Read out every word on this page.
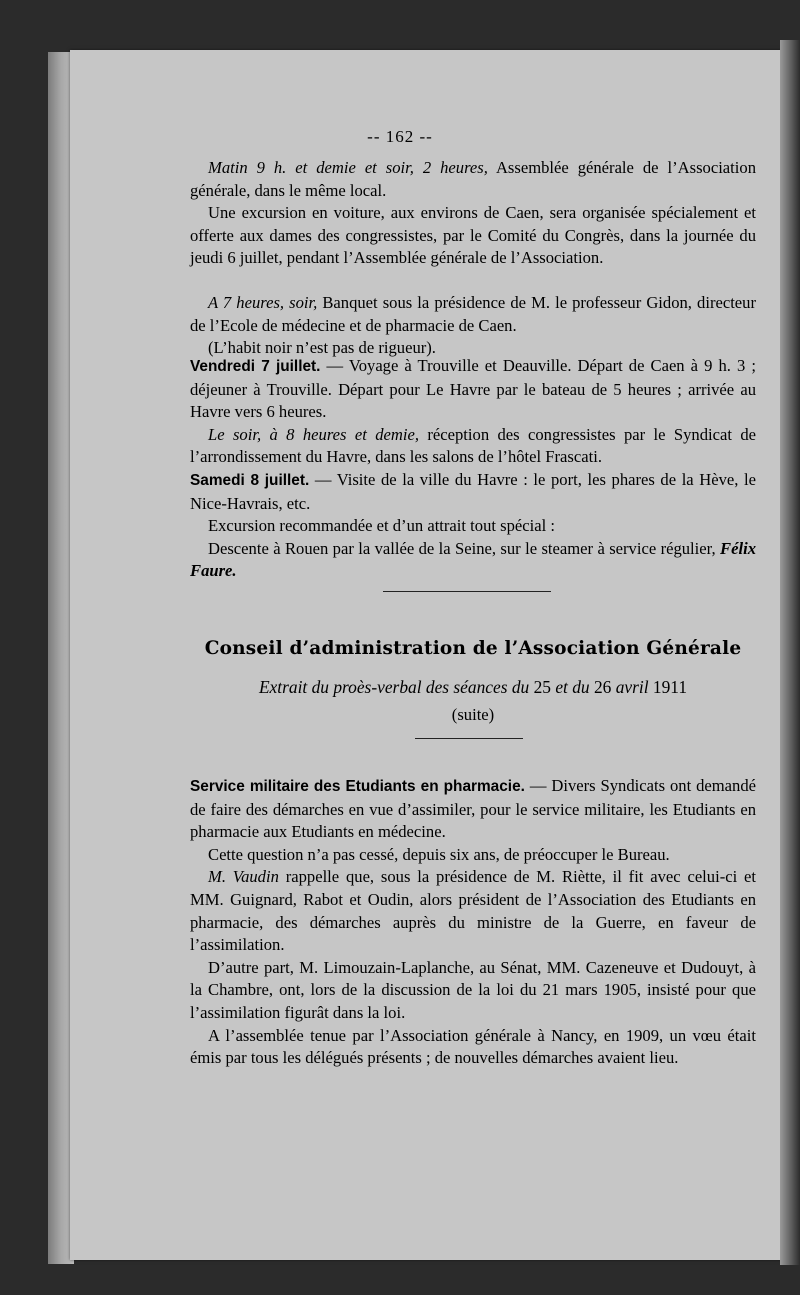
-- 162 --

Matin 9 h. et demie et soir, 2 heures, Assemblée générale de l’Association générale, dans le même local.

Une excursion en voiture, aux environs de Caen, sera organisée spécialement et offerte aux dames des congressistes, par le Comité du Congrès, dans la journée du jeudi 6 juillet, pendant l’Assemblée générale de l’Association.

A 7 heures, soir, Banquet sous la présidence de M. le professeur Gidon, directeur de l’Ecole de médecine et de pharmacie de Caen.

(L’habit noir n’est pas de rigueur).

Vendredi 7 juillet. — Voyage à Trouville et Deauville. Départ de Caen à 9 h. 3 ; déjeuner à Trouville. Départ pour Le Havre par le bateau de 5 heures ; arrivée au Havre vers 6 heures.

Le soir, à 8 heures et demie, réception des congressistes par le Syndicat de l’arrondissement du Havre, dans les salons de l’hôtel Frascati.

Samedi 8 juillet. — Visite de la ville du Havre : le port, les phares de la Hève, le Nice-Havrais, etc.

Excursion recommandée et d’un attrait tout spécial :

Descente à Rouen par la vallée de la Seine, sur le steamer à service régulier, Félix Faure.

Conseil d’administration de l’Association Générale
Extrait du proès-verbal des séances du 25 et du 26 avril 1911
(suite)

Service militaire des Etudiants en pharmacie. — Divers Syndicats ont demandé de faire des démarches en vue d’assimiler, pour le service militaire, les Etudiants en pharmacie aux Etudiants en médecine.

Cette question n’a pas cessé, depuis six ans, de préoccuper le Bureau.

M. Vaudin rappelle que, sous la présidence de M. Riètte, il fit avec celui-ci et MM. Guignard, Rabot et Oudin, alors président de l’Association des Etudiants en pharmacie, des démarches auprès du ministre de la Guerre, en faveur de l’assimilation.

D’autre part, M. Limouzain-Laplanche, au Sénat, MM. Cazeneuve et Dudouyt, à la Chambre, ont, lors de la discussion de la loi du 21 mars 1905, insisté pour que l’assimilation figurât dans la loi.

A l’assemblée tenue par l’Association générale à Nancy, en 1909, un vœu était émis par tous les délégués présents ; de nouvelles démarches avaient lieu.
